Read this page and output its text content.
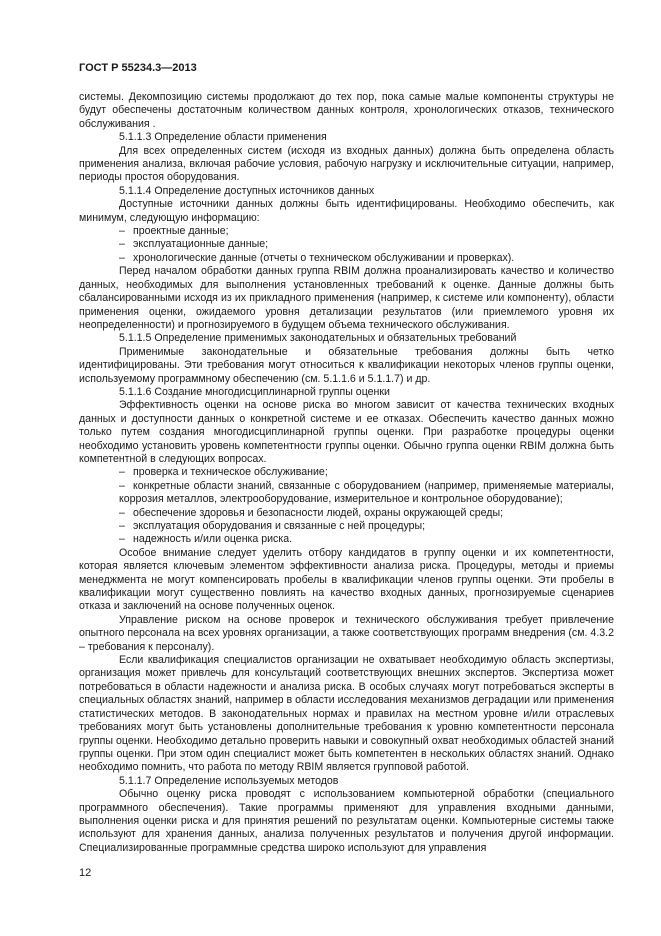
ГОСТ Р 55234.3—2013

системы. Декомпозицию системы продолжают до тех пор, пока самые малые компоненты структуры не будут обеспечены достаточным количеством данных контроля, хронологических отказов, технического обслуживания .

5.1.1.3 Определение области применения

Для всех определенных систем (исходя из входных данных) должна быть определена область применения анализа, включая рабочие условия, рабочую нагрузку и исключительные ситуации, например, периоды простоя оборудования.

5.1.1.4 Определение доступных источников данных

Доступные источники данных должны быть идентифицированы. Необходимо обеспечить, как минимум, следующую информацию:

– проектные данные;

– эксплуатационные данные;

– хронологические данные (отчеты о техническом обслуживании и проверках).

Перед началом обработки данных группа RBIM должна проанализировать качество и количество данных, необходимых для выполнения установленных требований к оценке. Данные должны быть сбалансированными исходя из их прикладного применения (например, к системе или компоненту), области применения оценки, ожидаемого уровня детализации результатов (или приемлемого уровня их неопределенности) и прогнозируемого в будущем объема технического обслуживания.

5.1.1.5 Определение применимых законодательных и обязательных требований

Применимые законодательные и обязательные требования должны быть четко идентифицированы. Эти требования могут относиться к квалификации некоторых членов группы оценки, используемому программному обеспечению (см. 5.1.1.6 и 5.1.1.7) и др.

5.1.1.6 Создание многодисциплинарной группы оценки

Эффективность оценки на основе риска во многом зависит от качества технических входных данных и доступности данных о конкретной системе и ее отказах. Обеспечить качество данных можно только путем создания многодисциплинарной группы оценки. При разработке процедуры оценки необходимо установить уровень компетентности группы оценки. Обычно группа оценки RBIM должна быть компетентной в следующих вопросах.

– проверка и техническое обслуживание;

– конкретные области знаний, связанные с оборудованием (например, применяемые материалы, коррозия металлов, электрооборудование, измерительное и контрольное оборудование);

– обеспечение здоровья и безопасности людей, охраны окружающей среды;

– эксплуатация оборудования и связанные с ней процедуры;

– надежность и/или оценка риска.

Особое внимание следует уделить отбору кандидатов в группу оценки и их компетентности, которая является ключевым элементом эффективности анализа риска. Процедуры, методы и приемы менеджмента не могут компенсировать пробелы в квалификации членов группы оценки. Эти пробелы в квалификации могут существенно повлиять на качество входных данных, прогнозируемые сценариев отказа и заключений на основе полученных оценок.

Управление риском на основе проверок и технического обслуживания требует привлечение опытного персонала на всех уровнях организации, а также соответствующих программ внедрения (см. 4.3.2 – требования к персоналу).

Если квалификация специалистов организации не охватывает необходимую область экспертизы, организация может привлечь для консультаций соответствующих внешних экспертов. Экспертиза может потребоваться в области надежности и анализа риска. В особых случаях могут потребоваться эксперты в специальных областях знаний, например в области исследования механизмов деградации или применения статистических методов. В законодательных нормах и правилах на местном уровне и/или отраслевых требованиях могут быть установлены дополнительные требования к уровню компетентности персонала группы оценки. Необходимо детально проверить навыки и совокупный охват необходимых областей знаний группы оценки. При этом один специалист может быть компетентен в нескольких областях знаний. Однако необходимо помнить, что работа по методу RBIM является групповой работой.

5.1.1.7 Определение используемых методов

Обычно оценку риска проводят с использованием компьютерной обработки (специального программного обеспечения). Такие программы применяют для управления входными данными, выполнения оценки риска и для принятия решений по результатам оценки. Компьютерные системы также используют для хранения данных, анализа полученных результатов и получения другой информации. Специализированные программные средства широко используют для управления

12
